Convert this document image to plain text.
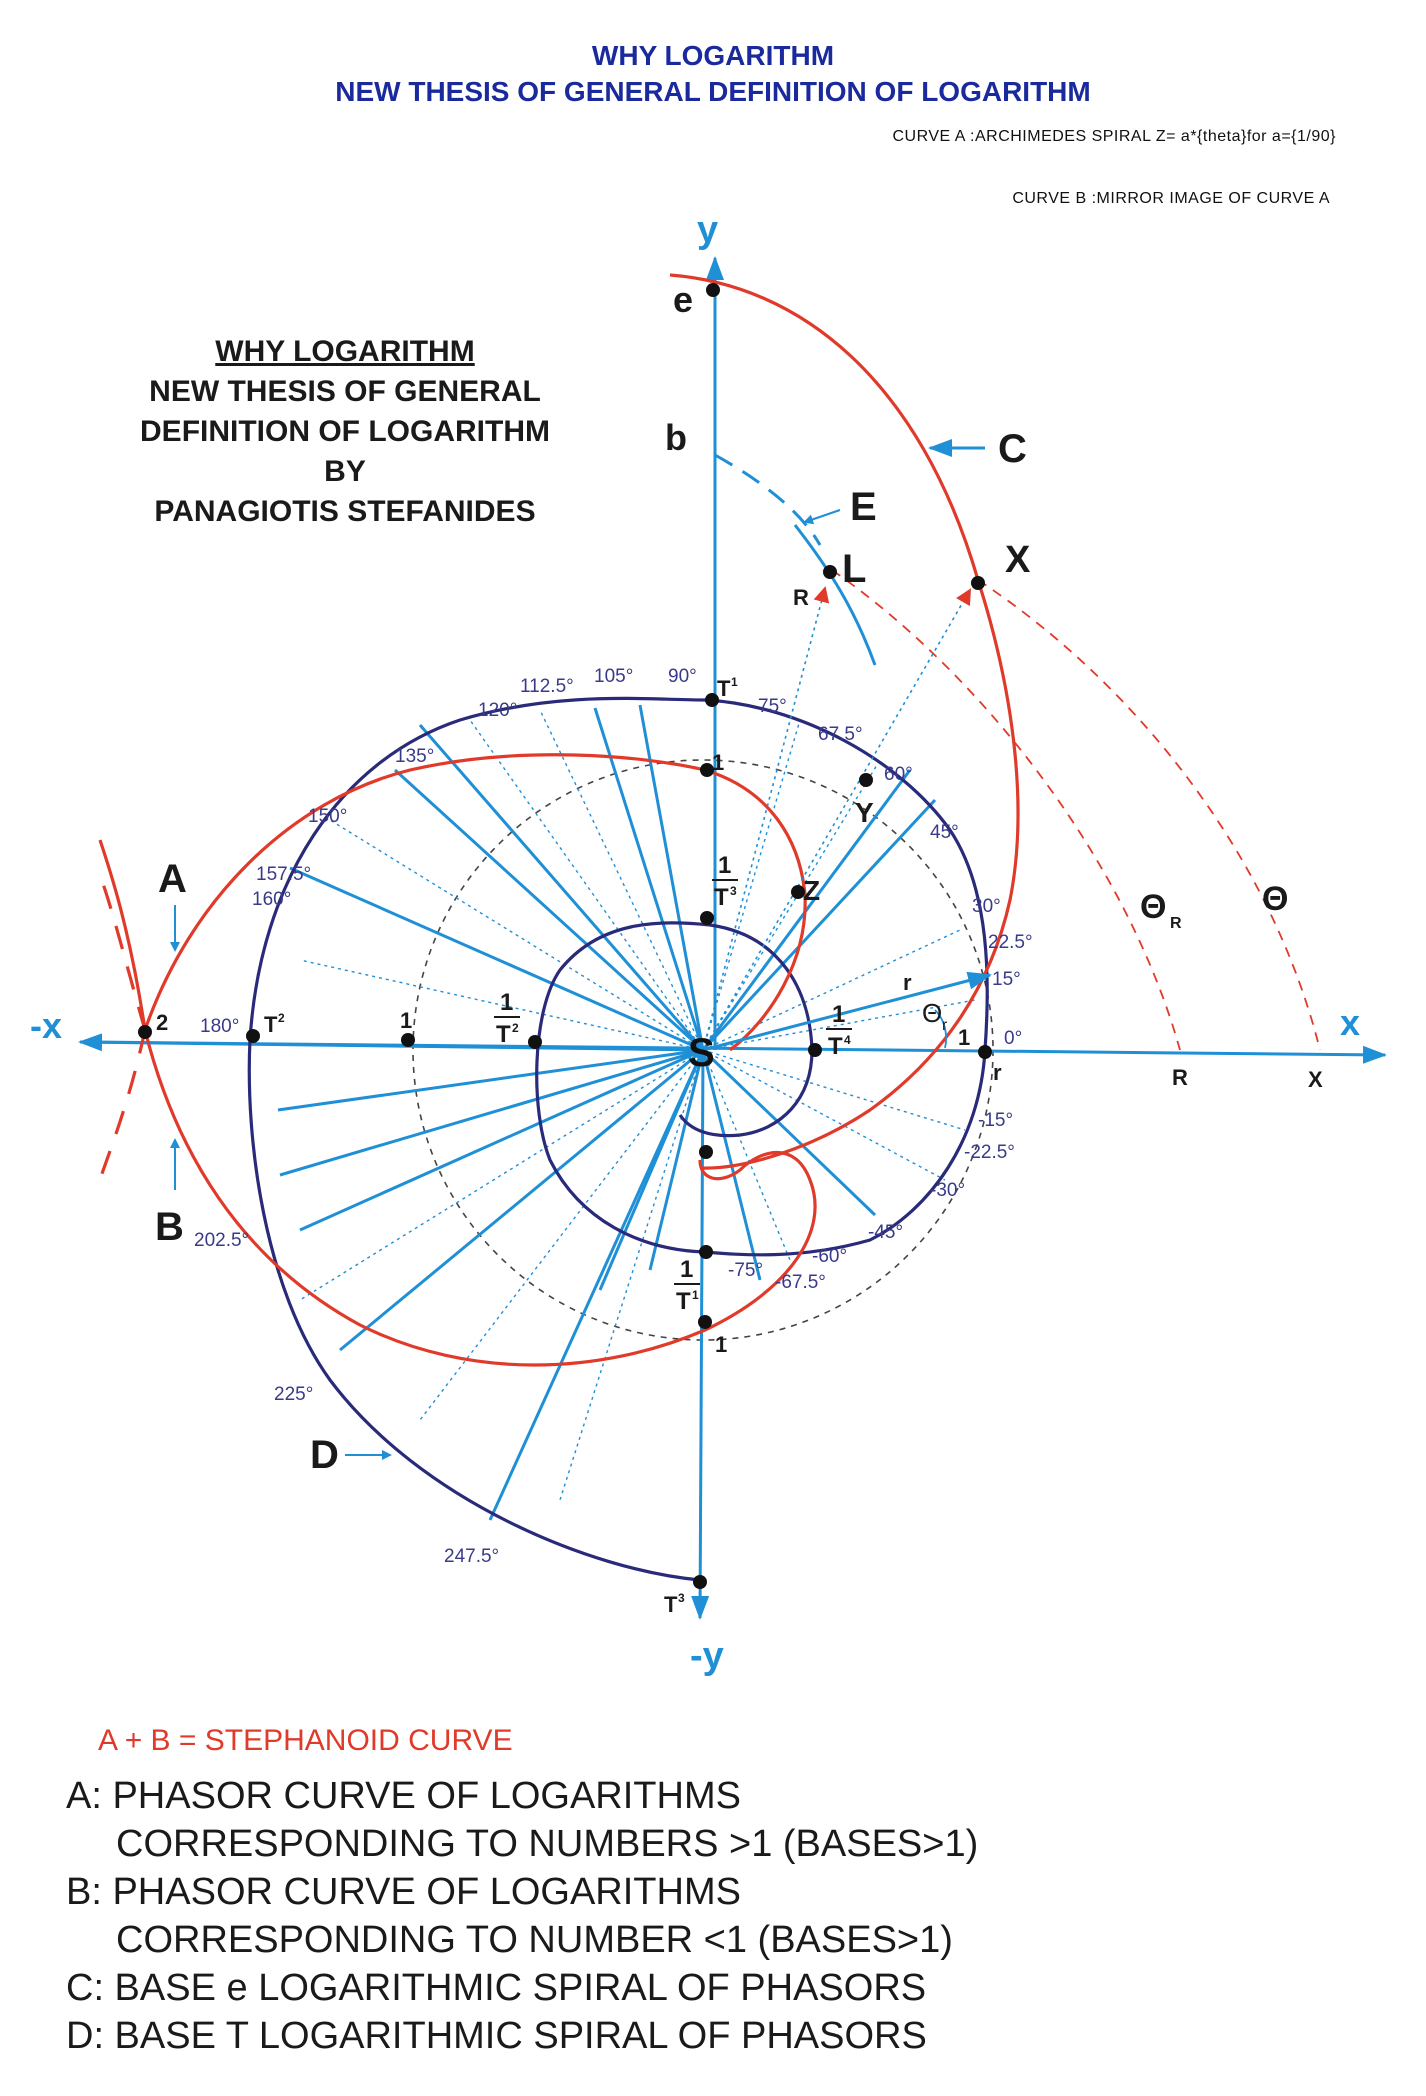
WHY LOGARITHM
NEW THESIS OF GENERAL DEFINITION OF LOGARITHM
CURVE A :ARCHIMEDES SPIRAL Z= a*{theta}for a={1/90}
CURVE B :MIRROR IMAGE OF CURVE A
WHY LOGARITHM
NEW THESIS OF GENERAL
DEFINITION OF LOGARITHM
BY
PANAGIOTIS STEFANIDES
-x	x
y
-y
S
A
B
C
D
E
e
b
L
R
X
Y
Z
2
1
1
1
1
r	R	X
r
Θ
Θ R
Θ r
T 1
T 2
T 3
1
T 3
1
T 2	1
T 4
1
T 1
90°
105°
112.5°
120°
135°
150°
157.5°
160°
180°
202.5°
225°
247.5°
75°
67.5°
60°
45°
30°
22.5°
15°
0°
-15°
-22.5°
-30°
-45°
-60°
-67.5°
-75°
A + B = STEPHANOID CURVE
A: PHASOR CURVE OF LOGARITHMS
CORRESPONDING TO NUMBERS >1 (BASES>1)
B: PHASOR CURVE OF LOGARITHMS
CORRESPONDING TO NUMBER <1 (BASES>1)
C: BASE e LOGARITHMIC SPIRAL OF PHASORS
D: BASE T LOGARITHMIC SPIRAL OF PHASORS
